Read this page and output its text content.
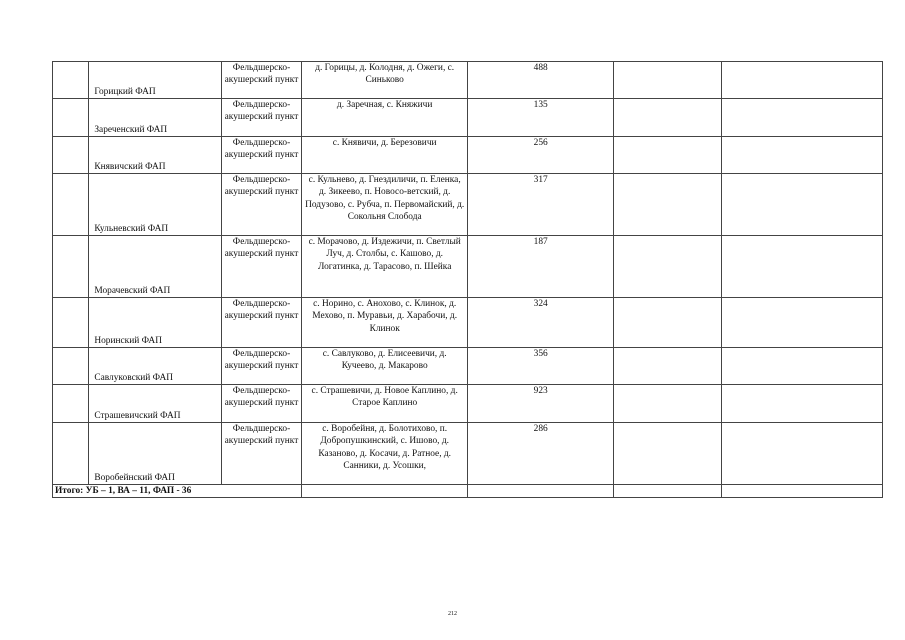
	Горицкий ФАП	Фельдшерско-акушерский пункт	д. Горицы, д. Колодня, д. Ожеги, с. Синьково	488		
	Зареченский ФАП	Фельдшерско-акушерский пункт	д. Заречная, с. Княжичи	135		
	Княвичский ФАП	Фельдшерско-акушерский пункт	с. Княвичи, д. Березовичи	256		
	Кульневский ФАП	Фельдшерско-акушерский пункт	с. Кульнево, д. Гнездиличи, п. Еленка, д. Зикеево, п. Новосо-ветский, д. Подузово, с. Рубча, п. Первомайский, д. Сокольня Слобода	317		
	Морачевский ФАП	Фельдшерско-акушерский пункт	с. Морачово, д. Издежичи, п. Светлый Луч, д. Столбы, с. Кашово, д. Логатинка, д. Тарасово, п. Шейка	187		
	Норинский ФАП	Фельдшерско-акушерский пункт	с. Норино, с. Анохово, с. Клинок, д. Мехово, п. Муравьи, д. Харабочи, д. Клинок	324		
	Савлуковский ФАП	Фельдшерско-акушерский пункт	с. Савлуково, д. Елисеевичи, д. Кучеево, д. Макарово	356		
	Страшевичский ФАП	Фельдшерско-акушерский пункт	с. Страшевичи, д. Новое Каплино, д. Старое Каплино	923		
	Воробейнский ФАП	Фельдшерско-акушерский пункт	с. Воробейня, д. Болотихово, п. Добропушкинский, с. Ишово, д. Казаново, д. Косачи, д. Ратное, д. Санники, д. Усошки,	286		
Итого: УБ – 1, ВА – 11, ФАП - 36						
212
